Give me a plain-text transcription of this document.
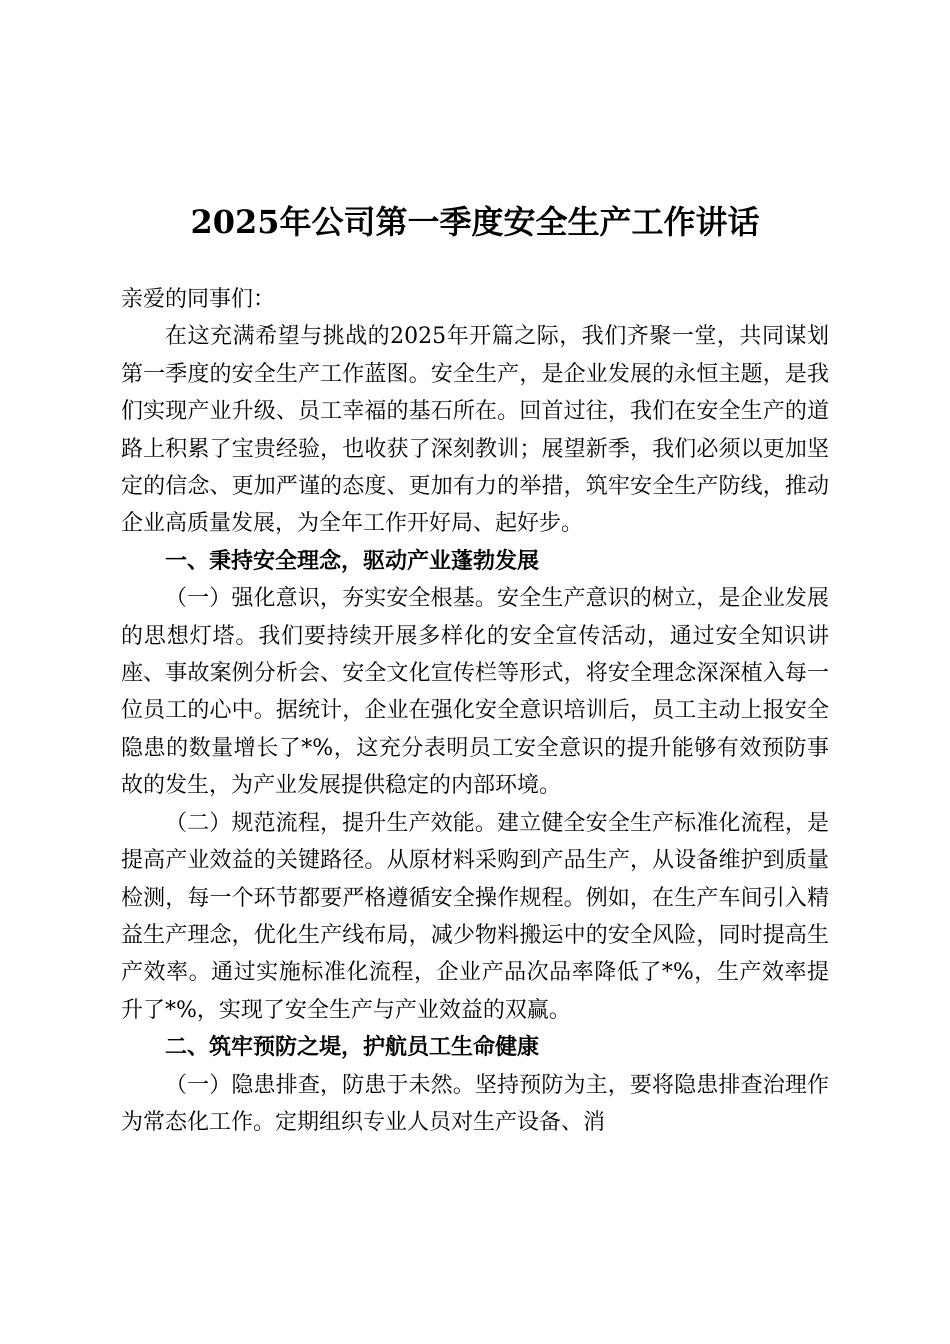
2025年公司第一季度安全生产工作讲话

亲爱的同事们：

在这充满希望与挑战的2025年开篇之际，我们齐聚一堂，共同谋划第一季度的安全生产工作蓝图。安全生产，是企业发展的永恒主题，是我们实现产业升级、员工幸福的基石所在。回首过往，我们在安全生产的道路上积累了宝贵经验，也收获了深刻教训；展望新季，我们必须以更加坚定的信念、更加严谨的态度、更加有力的举措，筑牢安全生产防线，推动企业高质量发展，为全年工作开好局、起好步。

一、秉持安全理念，驱动产业蓬勃发展

（一）强化意识，夯实安全根基。安全生产意识的树立，是企业发展的思想灯塔。我们要持续开展多样化的安全宣传活动，通过安全知识讲座、事故案例分析会、安全文化宣传栏等形式，将安全理念深深植入每一位员工的心中。据统计，企业在强化安全意识培训后，员工主动上报安全隐患的数量增长了*%，这充分表明员工安全意识的提升能够有效预防事故的发生，为产业发展提供稳定的内部环境。

（二）规范流程，提升生产效能。建立健全安全生产标准化流程，是提高产业效益的关键路径。从原材料采购到产品生产，从设备维护到质量检测，每一个环节都要严格遵循安全操作规程。例如，在生产车间引入精益生产理念，优化生产线布局，减少物料搬运中的安全风险，同时提高生产效率。通过实施标准化流程，企业产品次品率降低了*%，生产效率提升了*%，实现了安全生产与产业效益的双赢。

二、筑牢预防之堤，护航员工生命健康

（一）隐患排查，防患于未然。坚持预防为主，要将隐患排查治理作为常态化工作。定期组织专业人员对生产设备、消
